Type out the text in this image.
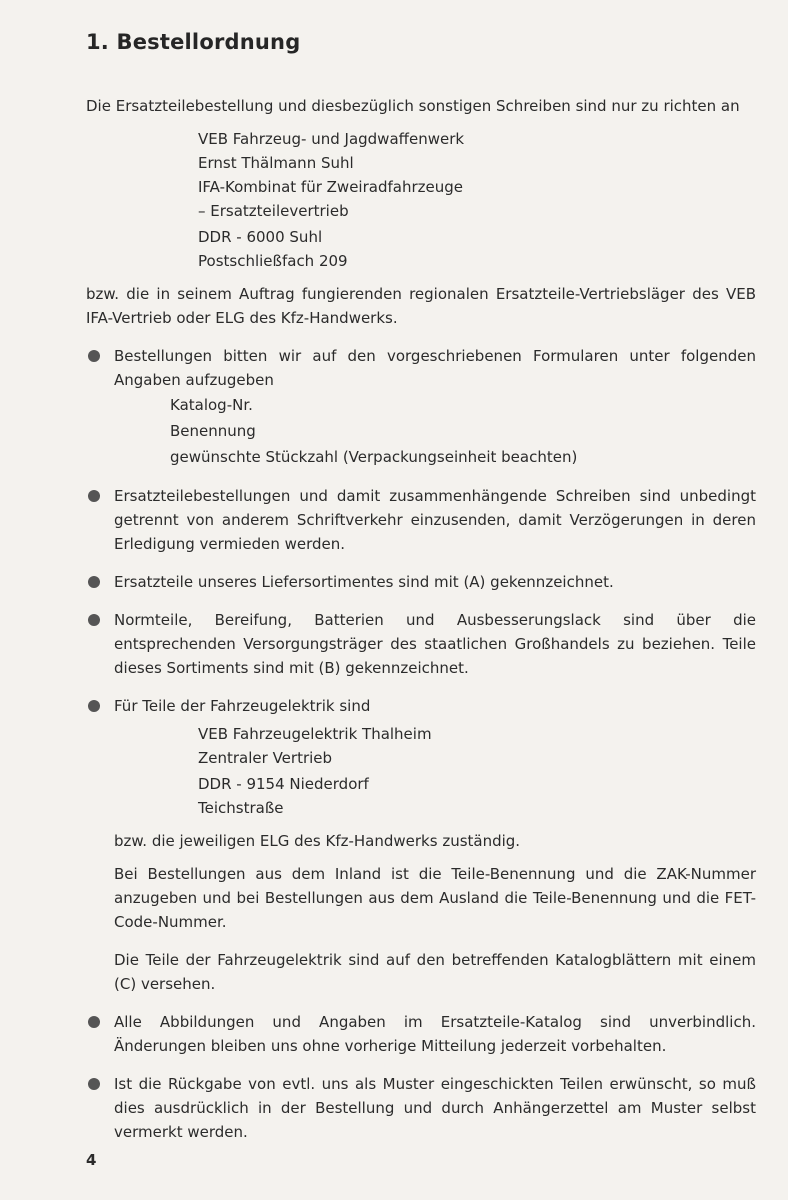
1. Bestellordnung

Die Ersatzteilebestellung und diesbezüglich sonstigen Schreiben sind nur zu richten an

VEB Fahrzeug- und Jagdwaffenwerk
Ernst Thälmann Suhl
IFA-Kombinat für Zweiradfahrzeuge
– Ersatzteilevertrieb
DDR - 6000 Suhl
Postschließfach 209

bzw. die in seinem Auftrag fungierenden regionalen Ersatzteile-Vertriebsläger des VEB IFA-Vertrieb oder ELG des Kfz-Handwerks.

Bestellungen bitten wir auf den vorgeschriebenen Formularen unter folgenden Angaben aufzugeben

Katalog-Nr.
Benennung
gewünschte Stückzahl (Verpackungseinheit beachten)

Ersatzteilebestellungen und damit zusammenhängende Schreiben sind unbedingt getrennt von anderem Schriftverkehr einzusenden, damit Verzögerungen in deren Erledigung vermieden werden.

Ersatzteile unseres Liefersortimentes sind mit (A) gekennzeichnet.

Normteile, Bereifung, Batterien und Ausbesserungslack sind über die entsprechenden Versorgungsträger des staatlichen Großhandels zu beziehen. Teile dieses Sortiments sind mit (B) gekennzeichnet.

Für Teile der Fahrzeugelektrik sind

VEB Fahrzeugelektrik Thalheim
Zentraler Vertrieb
DDR - 9154 Niederdorf
Teichstraße

bzw. die jeweiligen ELG des Kfz-Handwerks zuständig.

Bei Bestellungen aus dem Inland ist die Teile-Benennung und die ZAK-Nummer anzugeben und bei Bestellungen aus dem Ausland die Teile-Benennung und die FET-Code-Nummer.

Die Teile der Fahrzeugelektrik sind auf den betreffenden Katalogblättern mit einem (C) versehen.

Alle Abbildungen und Angaben im Ersatzteile-Katalog sind unverbindlich. Änderungen bleiben uns ohne vorherige Mitteilung jederzeit vorbehalten.

Ist die Rückgabe von evtl. uns als Muster eingeschickten Teilen erwünscht, so muß dies ausdrücklich in der Bestellung und durch Anhängerzettel am Muster selbst vermerkt werden.

4
